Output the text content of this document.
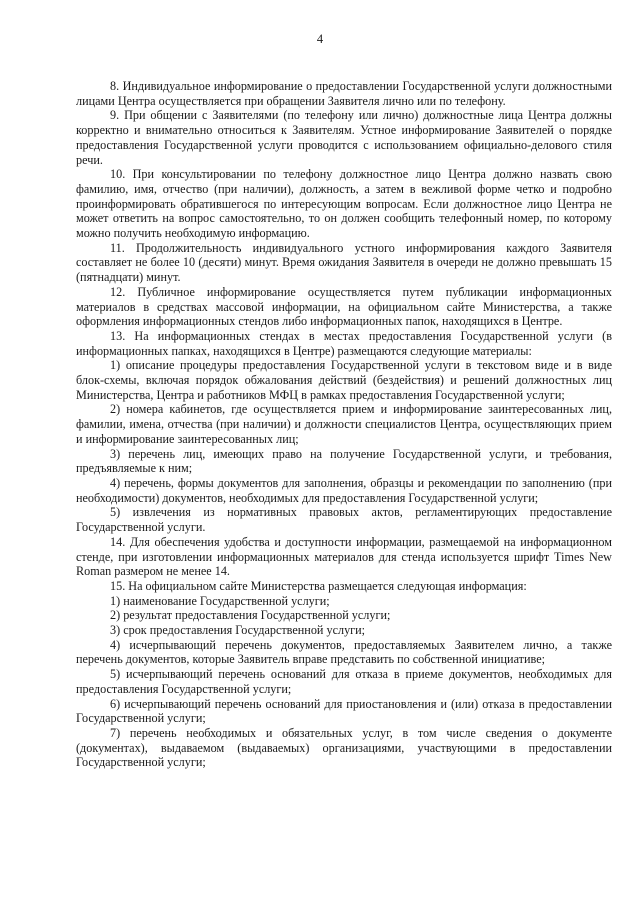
4

8. Индивидуальное информирование о предоставлении Государственной услуги должностными лицами Центра осуществляется при обращении Заявителя лично или по телефону.

9. При общении с Заявителями (по телефону или лично) должностные лица Центра должны корректно и внимательно относиться к Заявителям. Устное информирование Заявителей о порядке предоставления Государственной услуги проводится с использованием официально-делового стиля речи.

10. При консультировании по телефону должностное лицо Центра должно назвать свою фамилию, имя, отчество (при наличии), должность, а затем в вежливой форме четко и подробно проинформировать обратившегося по интересующим вопросам. Если должностное лицо Центра не может ответить на вопрос самостоятельно, то он должен сообщить телефонный номер, по которому можно получить необходимую информацию.

11. Продолжительность индивидуального устного информирования каждого Заявителя составляет не более 10 (десяти) минут. Время ожидания Заявителя в очереди не должно превышать 15 (пятнадцати) минут.

12. Публичное информирование осуществляется путем публикации информационных материалов в средствах массовой информации, на официальном сайте Министерства, а также оформления информационных стендов либо информационных папок, находящихся в Центре.

13. На информационных стендах в местах предоставления Государственной услуги (в информационных папках, находящихся в Центре) размещаются следующие материалы:

1) описание процедуры предоставления Государственной услуги в текстовом виде и в виде блок-схемы, включая порядок обжалования действий (бездействия) и решений должностных лиц Министерства, Центра и работников МФЦ в рамках предоставления Государственной услуги;

2) номера кабинетов, где осуществляется прием и информирование заинтересованных лиц, фамилии, имена, отчества (при наличии) и должности специалистов Центра, осуществляющих прием и информирование заинтересованных лиц;

3) перечень лиц, имеющих право на получение Государственной услуги, и требования, предъявляемые к ним;

4) перечень, формы документов для заполнения, образцы и рекомендации по заполнению (при необходимости) документов, необходимых для предоставления Государственной услуги;

5) извлечения из нормативных правовых актов, регламентирующих предоставление Государственной услуги.

14. Для обеспечения удобства и доступности информации, размещаемой на информационном стенде, при изготовлении информационных материалов для стенда используется шрифт Times New Roman размером не менее 14.

15. На официальном сайте Министерства размещается следующая информация:

1) наименование Государственной услуги;

2) результат предоставления Государственной услуги;

3) срок предоставления Государственной услуги;

4) исчерпывающий перечень документов, предоставляемых Заявителем лично, а также перечень документов, которые Заявитель вправе представить по собственной инициативе;

5) исчерпывающий перечень оснований для отказа в приеме документов, необходимых для предоставления Государственной услуги;

6) исчерпывающий перечень оснований для приостановления и (или) отказа в предоставлении Государственной услуги;

7) перечень необходимых и обязательных услуг, в том числе сведения о документе (документах), выдаваемом (выдаваемых) организациями, участвующими в предоставлении Государственной услуги;
